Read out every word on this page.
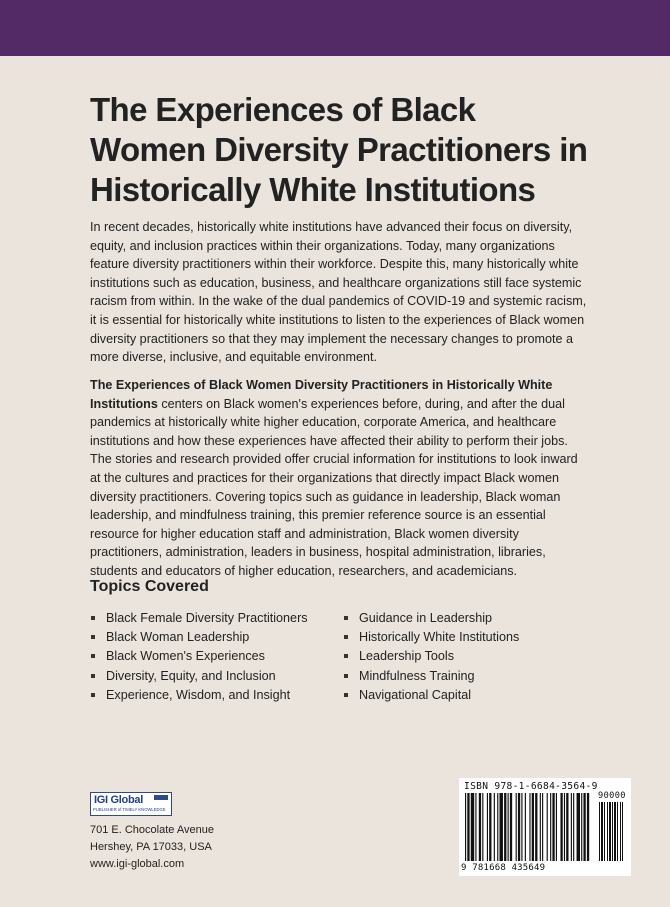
The Experiences of Black
Women Diversity Practitioners in
Historically White Institutions

In recent decades, historically white institutions have advanced their focus on diversity, equity, and inclusion practices within their organizations. Today, many organizations feature diversity practitioners within their workforce. Despite this, many historically white institutions such as education, business, and healthcare organizations still face systemic racism from within. In the wake of the dual pandemics of COVID-19 and systemic racism, it is essential for historically white institutions to listen to the experiences of Black women diversity practitioners so that they may implement the necessary changes to promote a more diverse, inclusive, and equitable environment.

The Experiences of Black Women Diversity Practitioners in Historically White Institutions centers on Black women's experiences before, during, and after the dual pandemics at historically white higher education, corporate America, and healthcare institutions and how these experiences have affected their ability to perform their jobs. The stories and research provided offer crucial information for institutions to look inward at the cultures and practices for their organizations that directly impact Black women diversity practitioners. Covering topics such as guidance in leadership, Black woman leadership, and mindfulness training, this premier reference source is an essential resource for higher education staff and administration, Black women diversity practitioners, administration, leaders in business, hospital administration, libraries, students and educators of higher education, researchers, and academicians.

Topics Covered
Black Female Diversity Practitioners
Black Woman Leadership
Black Women's Experiences
Diversity, Equity, and Inclusion
Experience, Wisdom, and Insight
Guidance in Leadership
Historically White Institutions
Leadership Tools
Mindfulness Training
Navigational Capital
IGI Global
PUBLISHER of TIMELY KNOWLEDGE
701 E. Chocolate Avenue
Hershey, PA 17033, USA
www.igi-global.com
ISBN 978-1-6684-3564-9
9 781668 435649
90000
